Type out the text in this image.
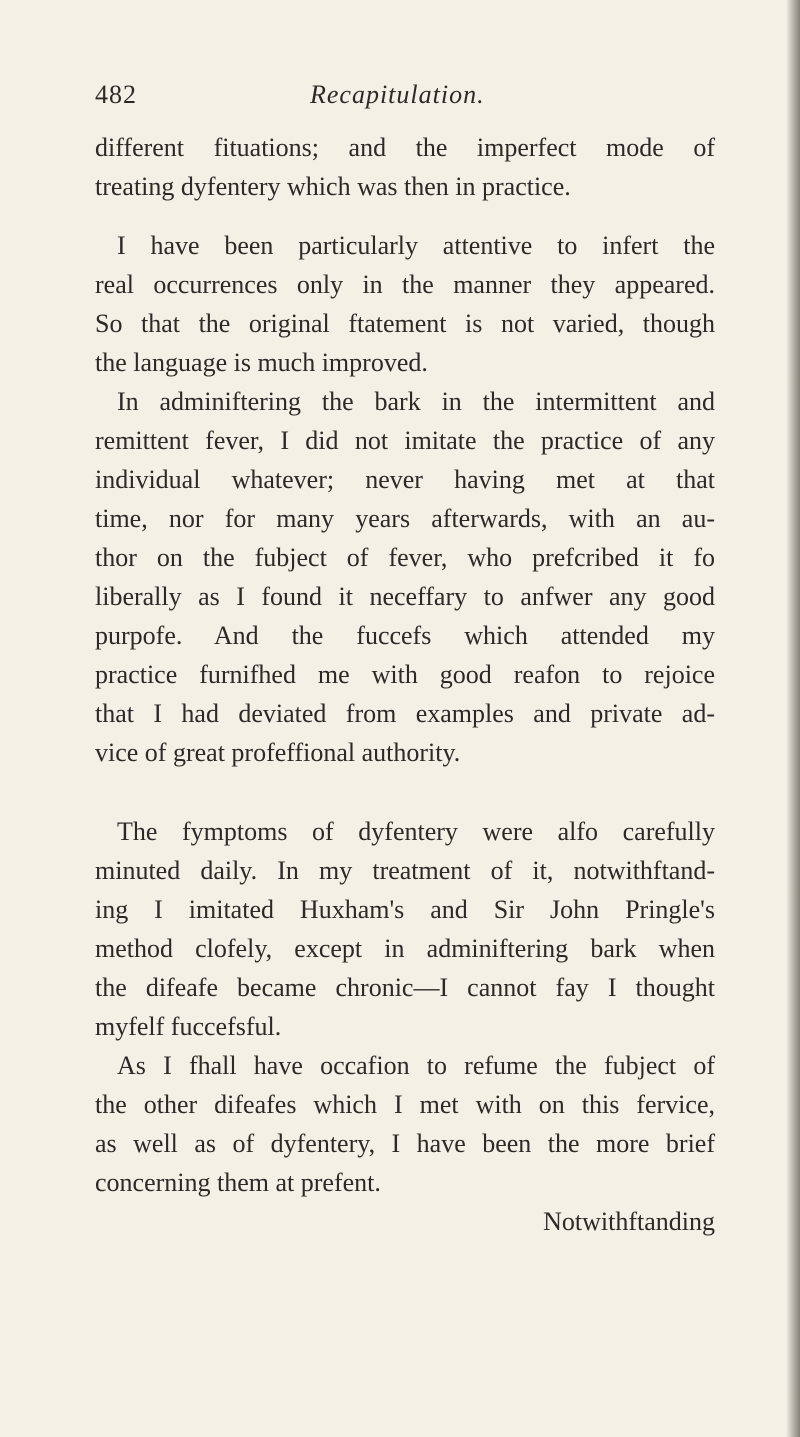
482	Recapitulation.
different fituations; and the imperfect mode of
treating dyfentery which was then in practice.
I have been particularly attentive to infert the
real occurrences only in the manner they appeared.
So that the original ftatement is not varied, though
the language is much improved.
In adminiftering the bark in the intermittent and
remittent fever, I did not imitate the practice of any
individual whatever; never having met at that
time, nor for many years afterwards, with an au-
thor on the fubject of fever, who prefcribed it fo
liberally as I found it neceffary to anfwer any good
purpofe. And the fuccefs which attended my
practice furnifhed me with good reafon to rejoice
that I had deviated from examples and private ad-
vice of great profeffional authority.
The fymptoms of dyfentery were alfo carefully
minuted daily. In my treatment of it, notwithftand-
ing I imitated Huxham's and Sir John Pringle's
method clofely, except in adminiftering bark when
the difeafe became chronic—I cannot fay I thought
myfelf fuccefsful.
As I fhall have occafion to refume the fubject of
the other difeafes which I met with on this fervice,
as well as of dyfentery, I have been the more brief
concerning them at prefent.
Notwithftanding
